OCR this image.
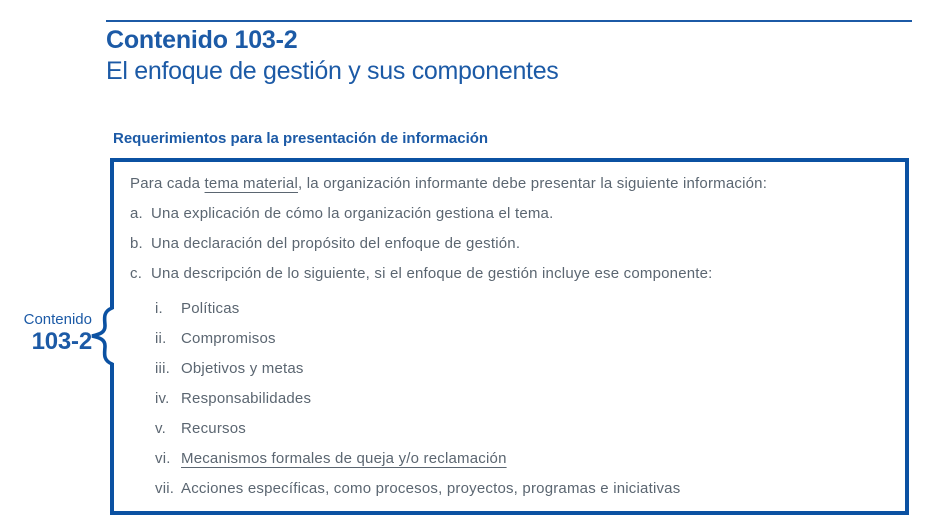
Contenido 103-2
El enfoque de gestión y sus componentes
Requerimientos para la presentación de información
Para cada tema material, la organización informante debe presentar la siguiente información:
a. Una explicación de cómo la organización gestiona el tema.
b. Una declaración del propósito del enfoque de gestión.
c. Una descripción de lo siguiente, si el enfoque de gestión incluye ese componente:
i.	Políticas
ii. Compromisos
iii. Objetivos y metas
iv. Responsabilidades
v.	Recursos
vi. Mecanismos formales de queja y/o reclamación
vii. Acciones específicas, como procesos, proyectos, programas e iniciativas
Contenido
103-2
